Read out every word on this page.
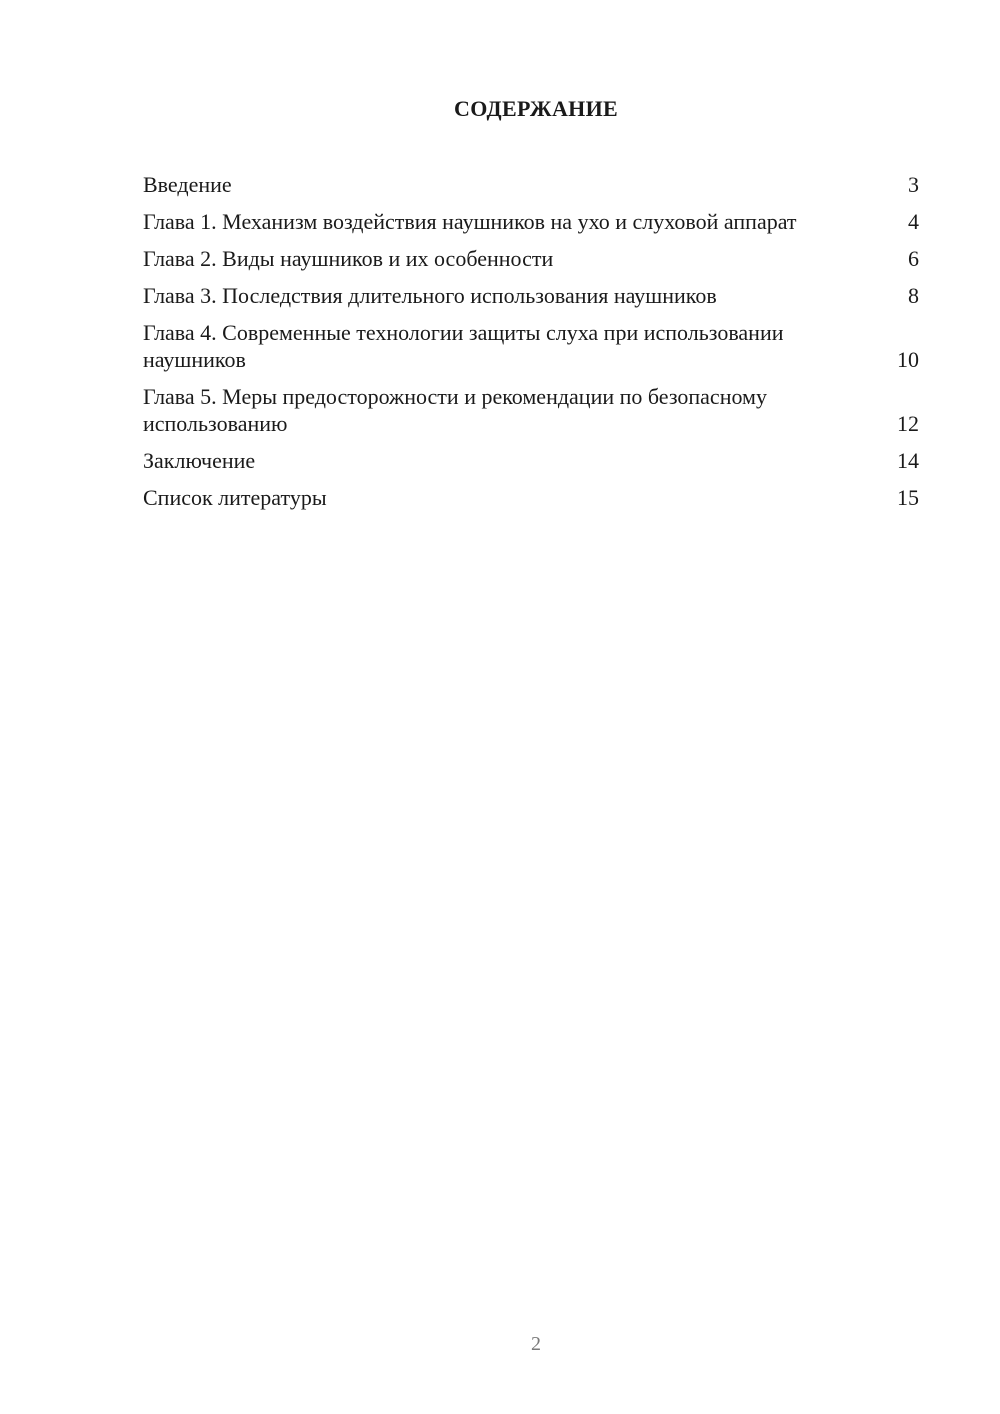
СОДЕРЖАНИЕ
Введение	3
Глава 1. Механизм воздействия наушников на ухо и слуховой аппарат	4
Глава 2. Виды наушников и их особенности	6
Глава 3. Последствия длительного использования наушников	8
Глава 4. Современные технологии защиты слуха при использовании наушников	10
Глава 5. Меры предосторожности и рекомендации по безопасному использованию	12
Заключение	14
Список литературы	15
2
